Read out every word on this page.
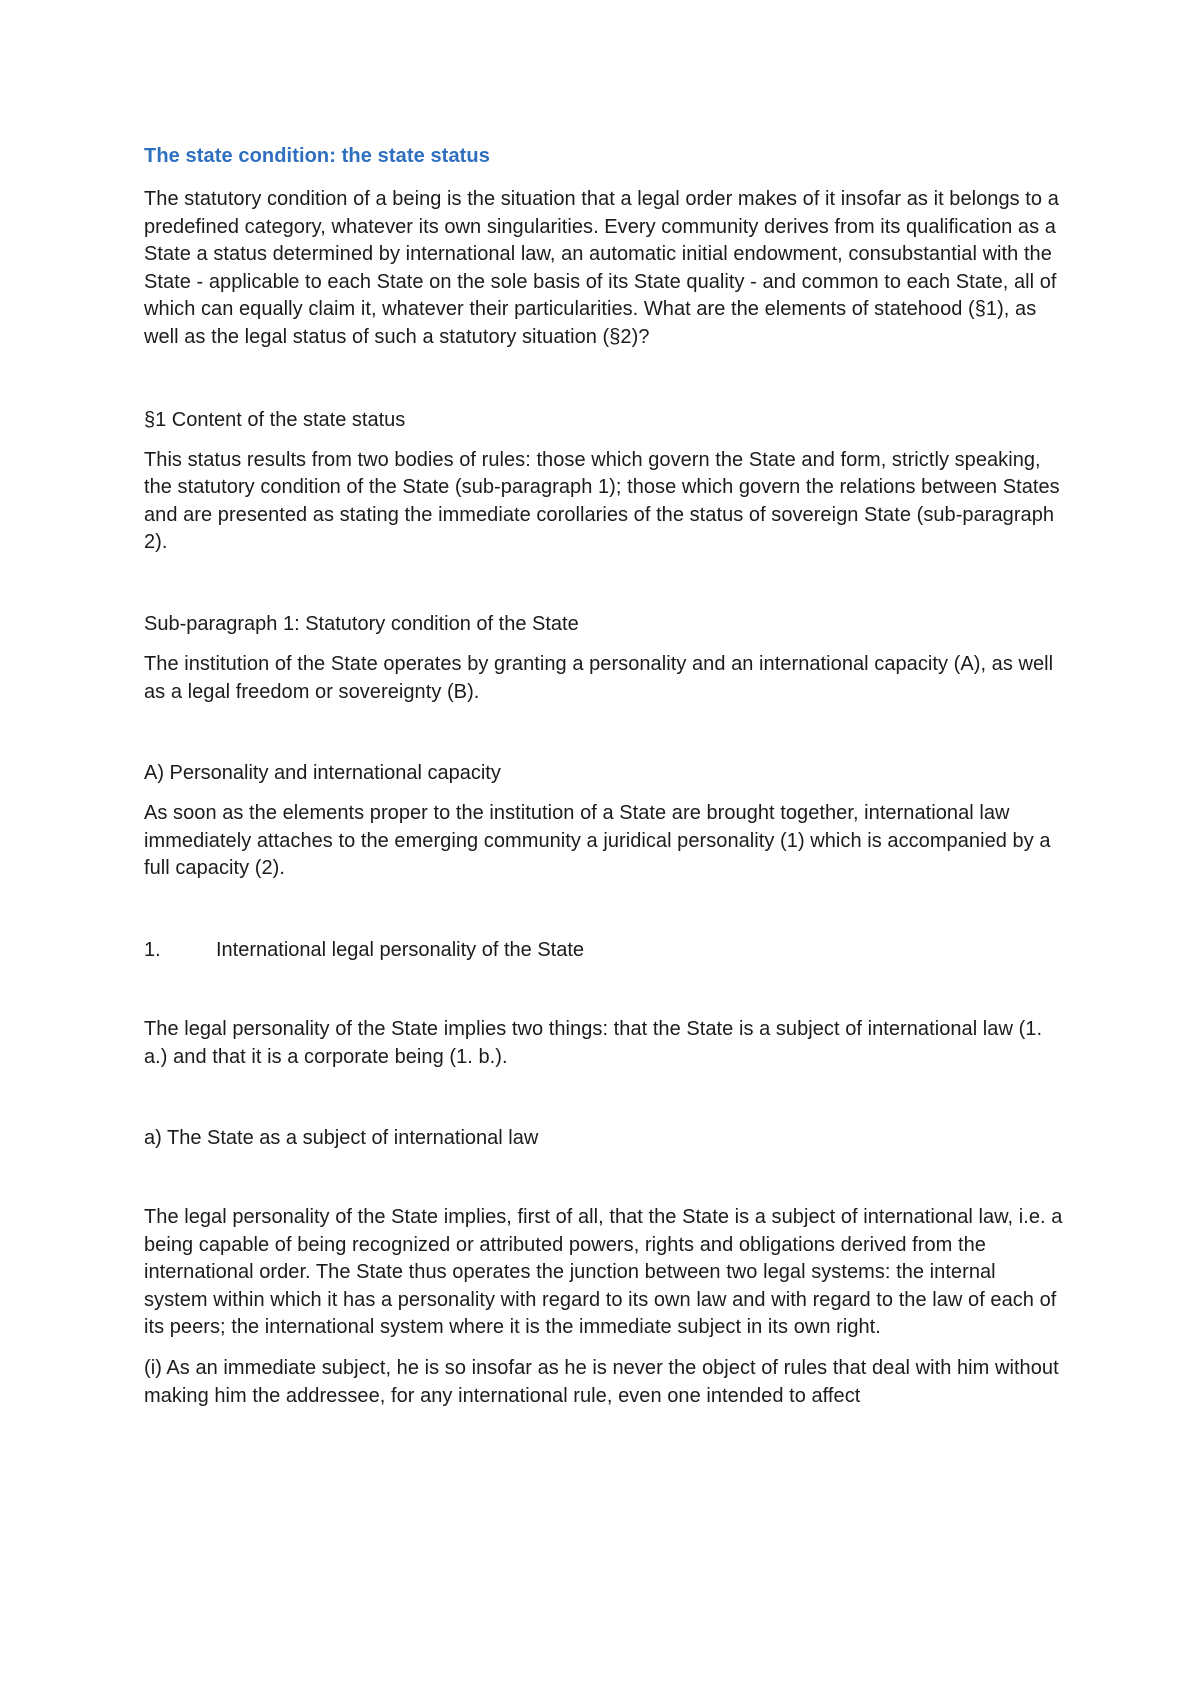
The state condition: the state status

The statutory condition of a being is the situation that a legal order makes of it insofar as it belongs to a predefined category, whatever its own singularities. Every community derives from its qualification as a State a status determined by international law, an automatic initial endowment, consubstantial with the State - applicable to each State on the sole basis of its State quality - and common to each State, all of which can equally claim it, whatever their particularities. What are the elements of statehood (§1), as well as the legal status of such a statutory situation (§2)?

§1 Content of the state status

This status results from two bodies of rules: those which govern the State and form, strictly speaking, the statutory condition of the State (sub-paragraph 1); those which govern the relations between States and are presented as stating the immediate corollaries of the status of sovereign State (sub-paragraph 2).

Sub-paragraph 1: Statutory condition of the State

The institution of the State operates by granting a personality and an international capacity (A), as well as a legal freedom or sovereignty (B).

A) Personality and international capacity

As soon as the elements proper to the institution of a State are brought together, international law immediately attaches to the emerging community a juridical personality (1) which is accompanied by a full capacity (2).

1.	International legal personality of the State

The legal personality of the State implies two things: that the State is a subject of international law (1. a.) and that it is a corporate being (1. b.).

a) The State as a subject of international law

The legal personality of the State implies, first of all, that the State is a subject of international law, i.e. a being capable of being recognized or attributed powers, rights and obligations derived from the international order. The State thus operates the junction between two legal systems: the internal system within which it has a personality with regard to its own law and with regard to the law of each of its peers; the international system where it is the immediate subject in its own right.

(i) As an immediate subject, he is so insofar as he is never the object of rules that deal with him without making him the addressee, for any international rule, even one intended to affect
